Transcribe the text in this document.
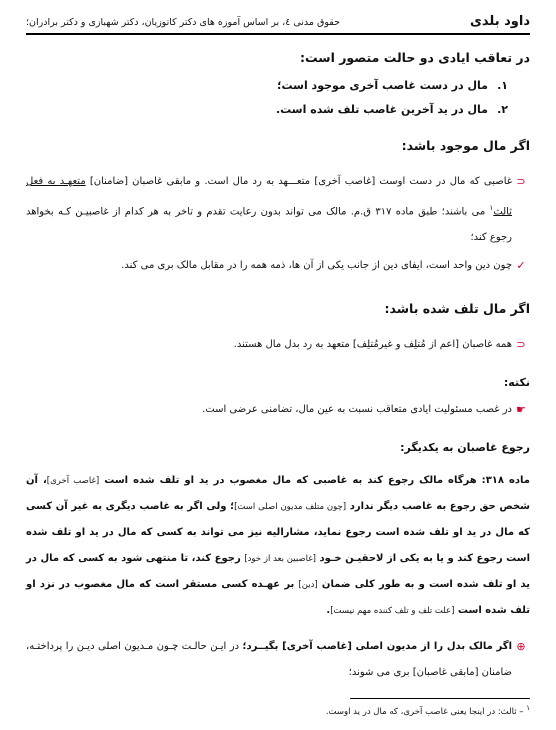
داود بلدی
حقوق مدنی ٤، بر اساس آموزه های دکتر کاتوزیان، دکتر شهبازی و دکتر برادران؛
در تعاقب ایادی دو حالت متصور است:
١.
مال در دست غاصب آخری موجود است؛
٢.
مال در ید آخرین غاصب تلف شده است.
اگر مال موجود باشد:
⊂
غاصبی که مال در دست اوست [غاصب آخری] متعـــهد به رد مال است. و مابقی غاصبان [ضامنان] متعهـد به فعل ثالث$^١$ می باشند؛ طبق ماده ٣١٧ ق.م. مالک می تواند بدون رعایت تقدم و تاخر به هر کدام از غاصبیـن کـه بخواهد رجوع کند؛
✓
چون دین واحد است، ایفای دین از جانب یکی از آن ها، ذمه همه را در مقابل مالک بری می کند.
اگر مال تلف شده باشد:
⊂
همه غاصبان [اعم از مُتلِف و غیرمُتلِف] متعهد به رد بدل مال هستند.
نکته:
☛
در غصب مسئولیت ایادی متعاقب نسبت به عین مال، تضامنی عرضی است.
رجوع غاصبان به یکدیگر:
ماده ٣١٨: هرگاه مالک رجوع کند به غاصبی که مال مغصوب در ید او تلف شده است [غاصب آخری]، آن شخص حق رجوع به غاصب دیگر ندارد [چون متلف مدیون اصلی است]؛ ولی اگر به غاصب دیگری به غیر آن کسی که مال در ید او تلف شده است رجوع نماید، مشارالیه نیز می تواند به کسی که مال در ید او تلف شده است رجوع کند و یا به یکی از لاحقیـن خـود [غاصبین بعد از خود] رجوع کند، تا منتهی شود به کسی که مال در ید او تلف شده است و به طور کلی ضمان [دین] بر عهـده کسی مستقر است که مال مغصوب در نزد او تلف شده است [علت تلف و تلف کننده مهم نیست].
⊕
اگر مالک بدل را از مدیون اصلی [غاصب آخری] بگیــرد؛ در ایـن حالـت چـون مـدیون اصلی دیـن را پرداختـه، ضامنان [مابقی غاصبان] بری می شوند؛
$^١$ – ثالث: در اینجا یعنی غاصب آخری، که مال در ید اوست.
